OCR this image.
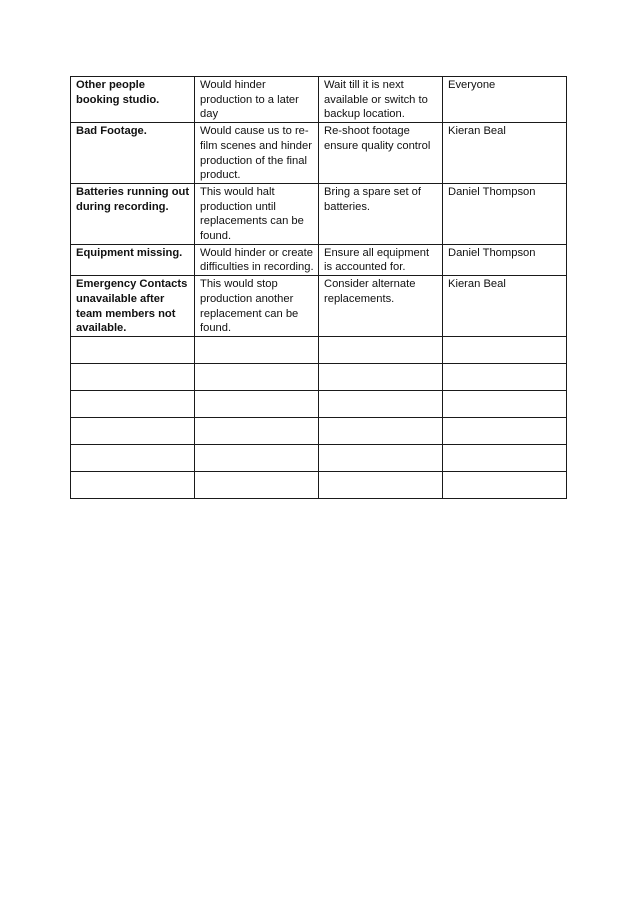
Other people booking studio.	Would hinder production to a later day	Wait till it is next available or switch to backup location.	Everyone
Bad Footage.	Would cause us to re-film scenes and hinder production of the final product.	Re-shoot footage ensure quality control	Kieran Beal
Batteries running out during recording.	This would halt production until replacements can be found.	Bring a spare set of batteries.	Daniel Thompson
Equipment missing.	Would hinder or create difficulties in recording.	Ensure all equipment is accounted for.	Daniel Thompson
Emergency Contacts unavailable after team members not available.	This would stop production another replacement can be found.	Consider alternate replacements.	Kieran Beal
